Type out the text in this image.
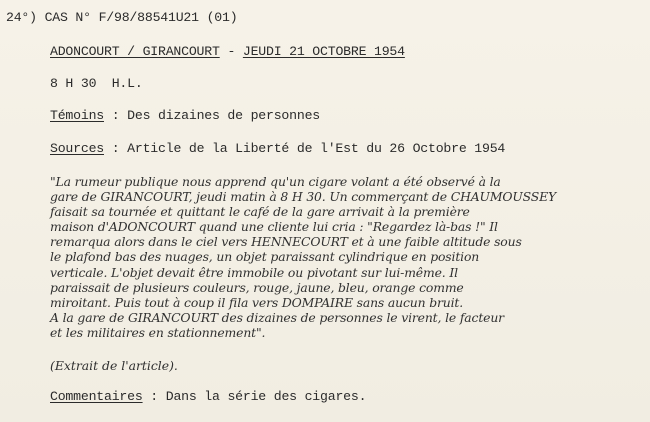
24°) CAS N° F/98/88541U21 (01)
ADONCOURT / GIRANCOURT - JEUDI 21 OCTOBRE 1954
8 H 30  H.L.
Témoins : Des dizaines de personnes
Sources : Article de la Liberté de l'Est du 26 Octobre 1954
"La rumeur publique nous apprend qu'un cigare volant a été observé à la
gare de GIRANCOURT, jeudi matin à 8 H 30. Un commerçant de CHAUMOUSSEY
faisait sa tournée et quittant le café de la gare arrivait à la première
maison d'ADONCOURT quand une cliente lui cria : "Regardez là-bas !" Il
remarqua alors dans le ciel vers HENNECOURT et à une faible altitude sous
le plafond bas des nuages, un objet paraissant cylindrique en position
verticale. L'objet devait être immobile ou pivotant sur lui-même. Il
paraissait de plusieurs couleurs, rouge, jaune, bleu, orange comme
miroitant. Puis tout à coup il fila vers DOMPAIRE sans aucun bruit.
A la gare de GIRANCOURT des dizaines de personnes le virent, le facteur
et les militaires en stationnement".
(Extrait de l'article).
Commentaires : Dans la série des cigares.
